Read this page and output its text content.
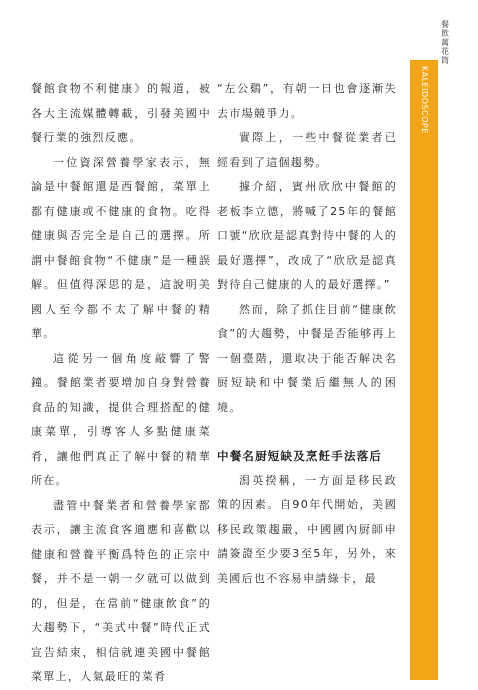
餐飲萬花筒
KALEIDOSCOPE

餐館食物不利健康》的報道，被各大主流媒體轉載，引發美國中餐行業的強烈反應。

一位資深營養學家表示，無論是中餐館還是西餐館，菜單上都有健康或不健康的食物。吃得健康與否完全是自己的選擇。所謂中餐館食物“不健康”是一種誤解。但值得深思的是，這說明美國人至今都不太了解中餐的精華。

這從另一個角度敲響了警鐘。餐館業者要增加自身對營養食品的知識，提供合理搭配的健康菜單，引導客人多點健康菜肴，讓他們真正了解中餐的精華所在。

盡管中餐業者和營養學家都表示，讓主流食客適應和喜歡以健康和營養平衡爲特色的正宗中餐，并不是一朝一夕就可以做到的，但是，在當前“健康飲食”的大趨勢下，“美式中餐”時代正式宣告結束，相信就連美國中餐館菜單上，人氣最旺的菜肴

“左公鷄”，有朝一日也會逐漸失去市場競爭力。

實際上，一些中餐從業者已經看到了這個趨勢。

據介紹，賓州欣欣中餐館的老板李立德，將喊了25年的餐館口號“欣欣是認真對待中餐的人的最好選擇”，改成了“欣欣是認真對待自己健康的人的最好選擇。”

然而，除了抓住目前“健康飲食”的大趨勢，中餐是否能够再上一個臺階，還取决于能否解决名厨短缺和中餐業后繼無人的困境。

中餐名厨短缺及烹飪手法落后

潟英揆稱，一方面是移民政策的因素。自90年代開始，美國移民政策趨嚴，中國國內厨師申請簽證至少要3至5年，另外，來美國后也不容易申請綠卡，最
